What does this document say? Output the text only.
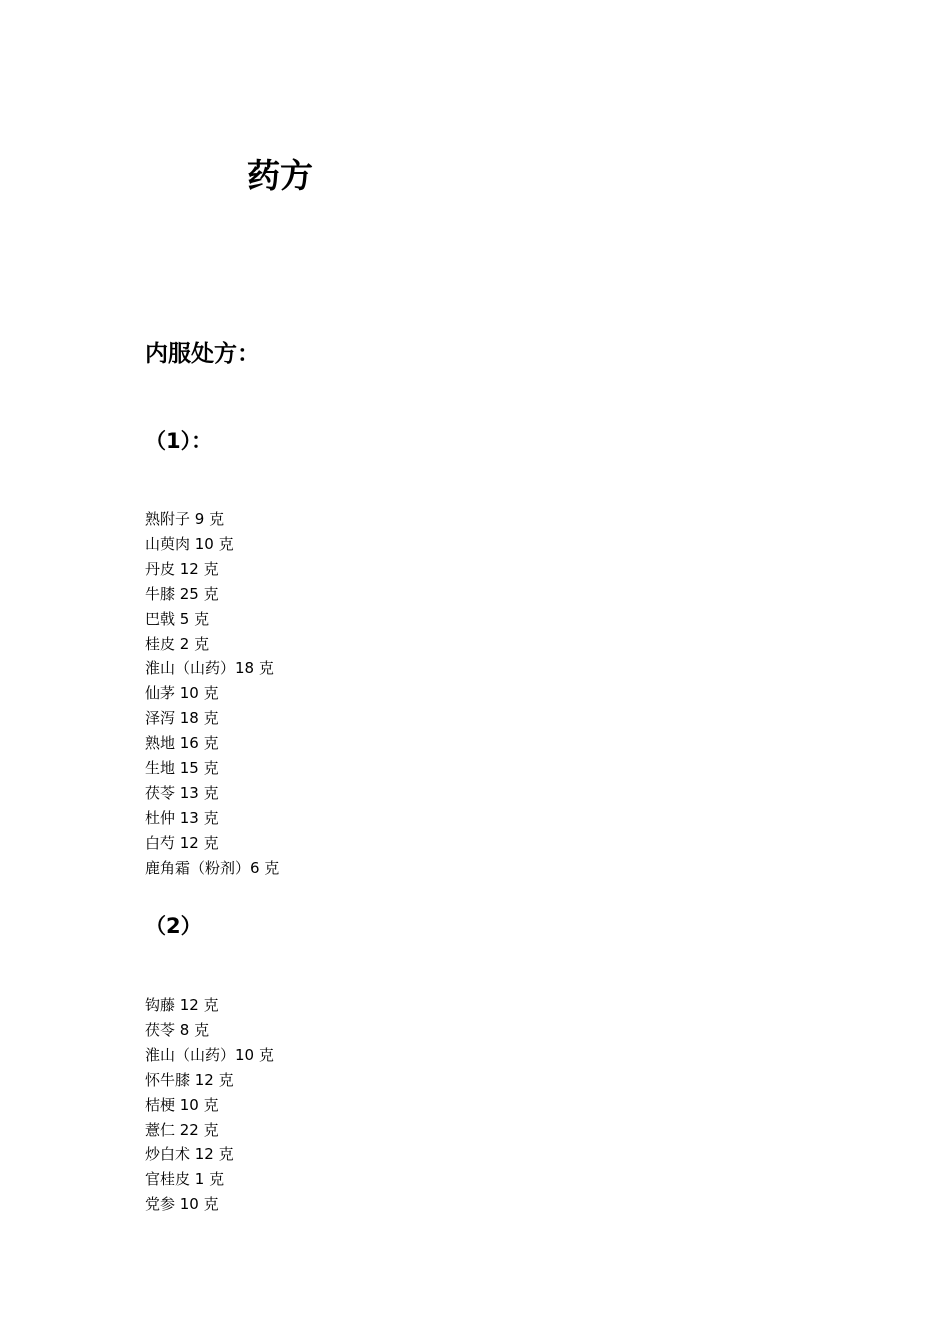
药方
内服处方：
（1）：
熟附子 9 克
山萸肉 10 克
丹皮 12 克
牛膝 25 克
巴戟 5 克
桂皮 2 克
淮山（山药）18 克
仙茅 10 克
泽泻 18 克
熟地 16 克
生地 15 克
茯苓 13 克
杜仲 13 克
白芍 12 克
鹿角霜（粉剂）6 克
（2）
钩藤 12 克
茯苓 8 克
淮山（山药）10 克
怀牛膝 12 克
桔梗 10 克
薏仁 22 克
炒白术 12 克
官桂皮 1 克
党参 10 克
